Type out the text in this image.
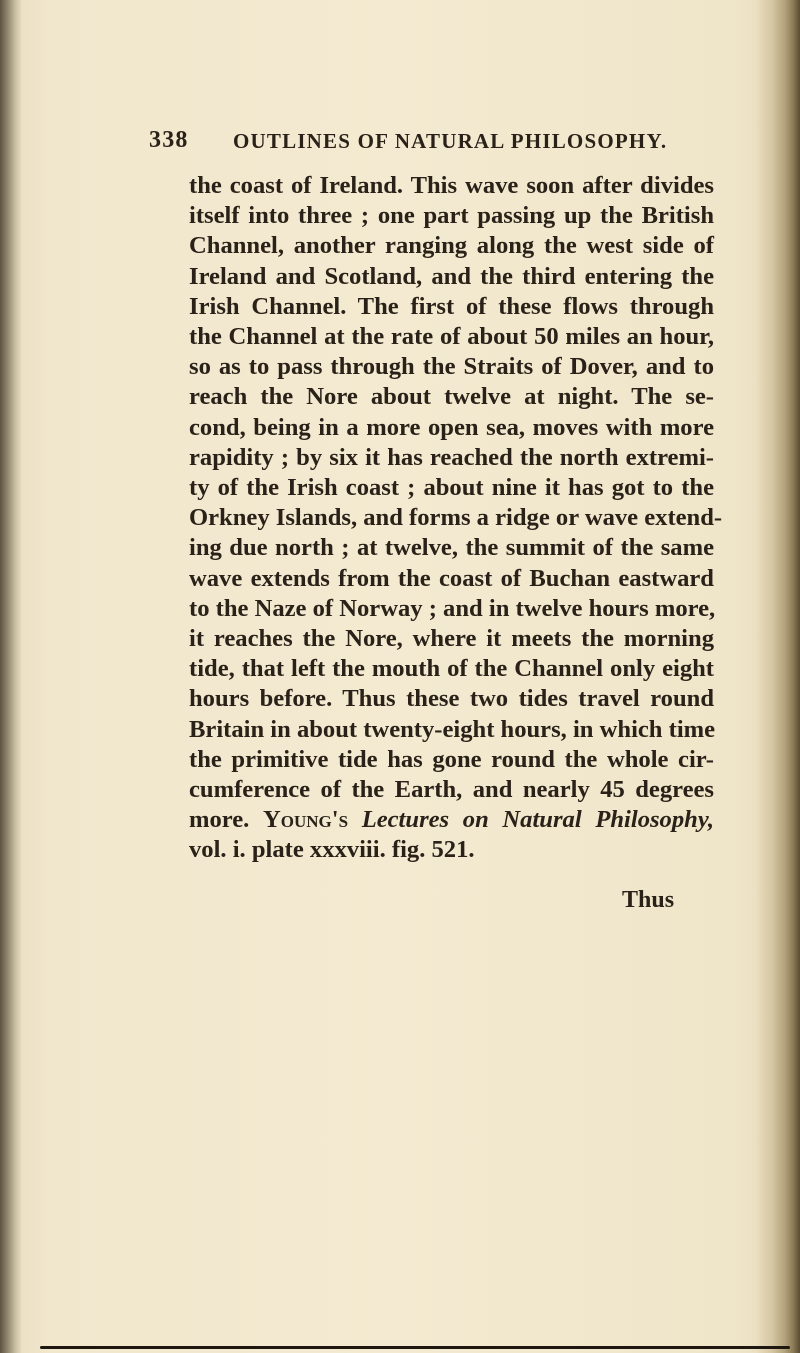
338 OUTLINES OF NATURAL PHILOSOPHY.
the coast of Ireland. This wave soon after divides
itself into three ; one part passing up the British
Channel, another ranging along the west side of
Ireland and Scotland, and the third entering the
Irish Channel. The first of these flows through
the Channel at the rate of about 50 miles an hour,
so as to pass through the Straits of Dover, and to
reach the Nore about twelve at night. The se-
cond, being in a more open sea, moves with more
rapidity ; by six it has reached the north extremi-
ty of the Irish coast ; about nine it has got to the
Orkney Islands, and forms a ridge or wave extend-
ing due north ; at twelve, the summit of the same
wave extends from the coast of Buchan eastward
to the Naze of Norway ; and in twelve hours more,
it reaches the Nore, where it meets the morning
tide, that left the mouth of the Channel only eight
hours before. Thus these two tides travel round
Britain in about twenty-eight hours, in which time
the primitive tide has gone round the whole cir-
cumference of the Earth, and nearly 45 degrees
more. Young's Lectures on Natural Philosophy,
vol. i. plate xxxviii. fig. 521.
Thus
